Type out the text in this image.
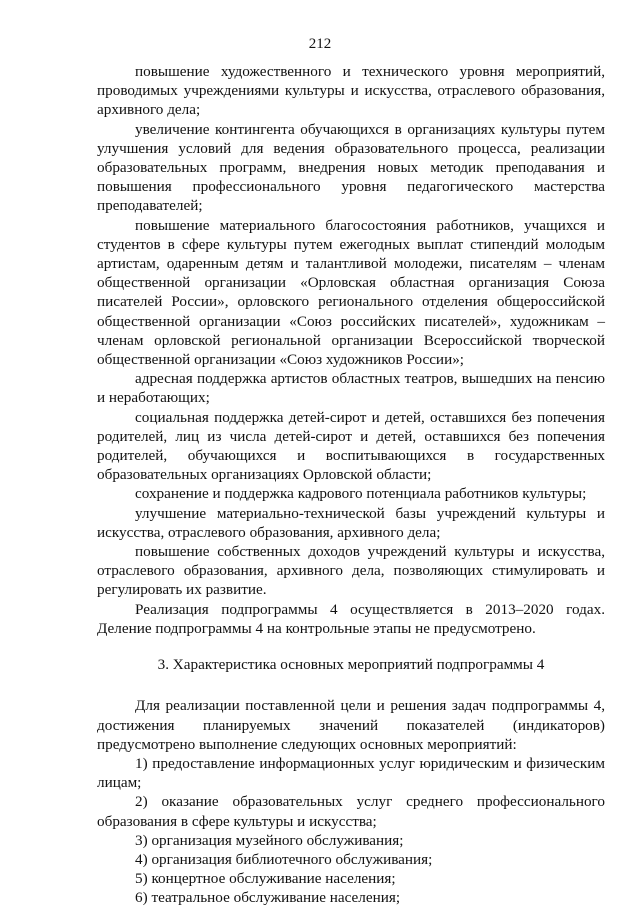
212

повышение художественного и технического уровня мероприятий, проводимых учреждениями культуры и искусства, отраслевого образования, архивного дела;

увеличение контингента обучающихся в организациях культуры путем улучшения условий для ведения образовательного процесса, реализации образовательных программ, внедрения новых методик преподавания и повышения профессионального уровня педагогического мастерства преподавателей;

повышение материального благосостояния работников, учащихся и студентов в сфере культуры путем ежегодных выплат стипендий молодым артистам, одаренным детям и талантливой молодежи, писателям – членам общественной организации «Орловская областная организация Союза писателей России», орловского регионального отделения общероссийской общественной организации «Союз российских писателей», художникам – членам орловской региональной организации Всероссийской творческой общественной организации «Союз художников России»;

адресная поддержка артистов областных театров, вышедших на пенсию и неработающих;

социальная поддержка детей-сирот и детей, оставшихся без попечения родителей, лиц из числа детей-сирот и детей, оставшихся без попечения родителей, обучающихся и воспитывающихся в государственных образовательных организациях Орловской области;

сохранение и поддержка кадрового потенциала работников культуры;

улучшение материально-технической базы учреждений культуры и искусства, отраслевого образования, архивного дела;

повышение собственных доходов учреждений культуры и искусства, отраслевого образования, архивного дела, позволяющих стимулировать и регулировать их развитие.

Реализация подпрограммы 4 осуществляется в 2013–2020 годах. Деление подпрограммы 4 на контрольные этапы не предусмотрено.

3. Характеристика основных мероприятий подпрограммы 4

Для реализации поставленной цели и решения задач подпрограммы 4, достижения планируемых значений показателей (индикаторов) предусмотрено выполнение следующих основных мероприятий:

1) предоставление информационных услуг юридическим и физическим лицам;

2) оказание образовательных услуг среднего профессионального образования в сфере культуры и искусства;

3) организация музейного обслуживания;

4) организация библиотечного обслуживания;

5) концертное обслуживание населения;

6) театральное обслуживание населения;
